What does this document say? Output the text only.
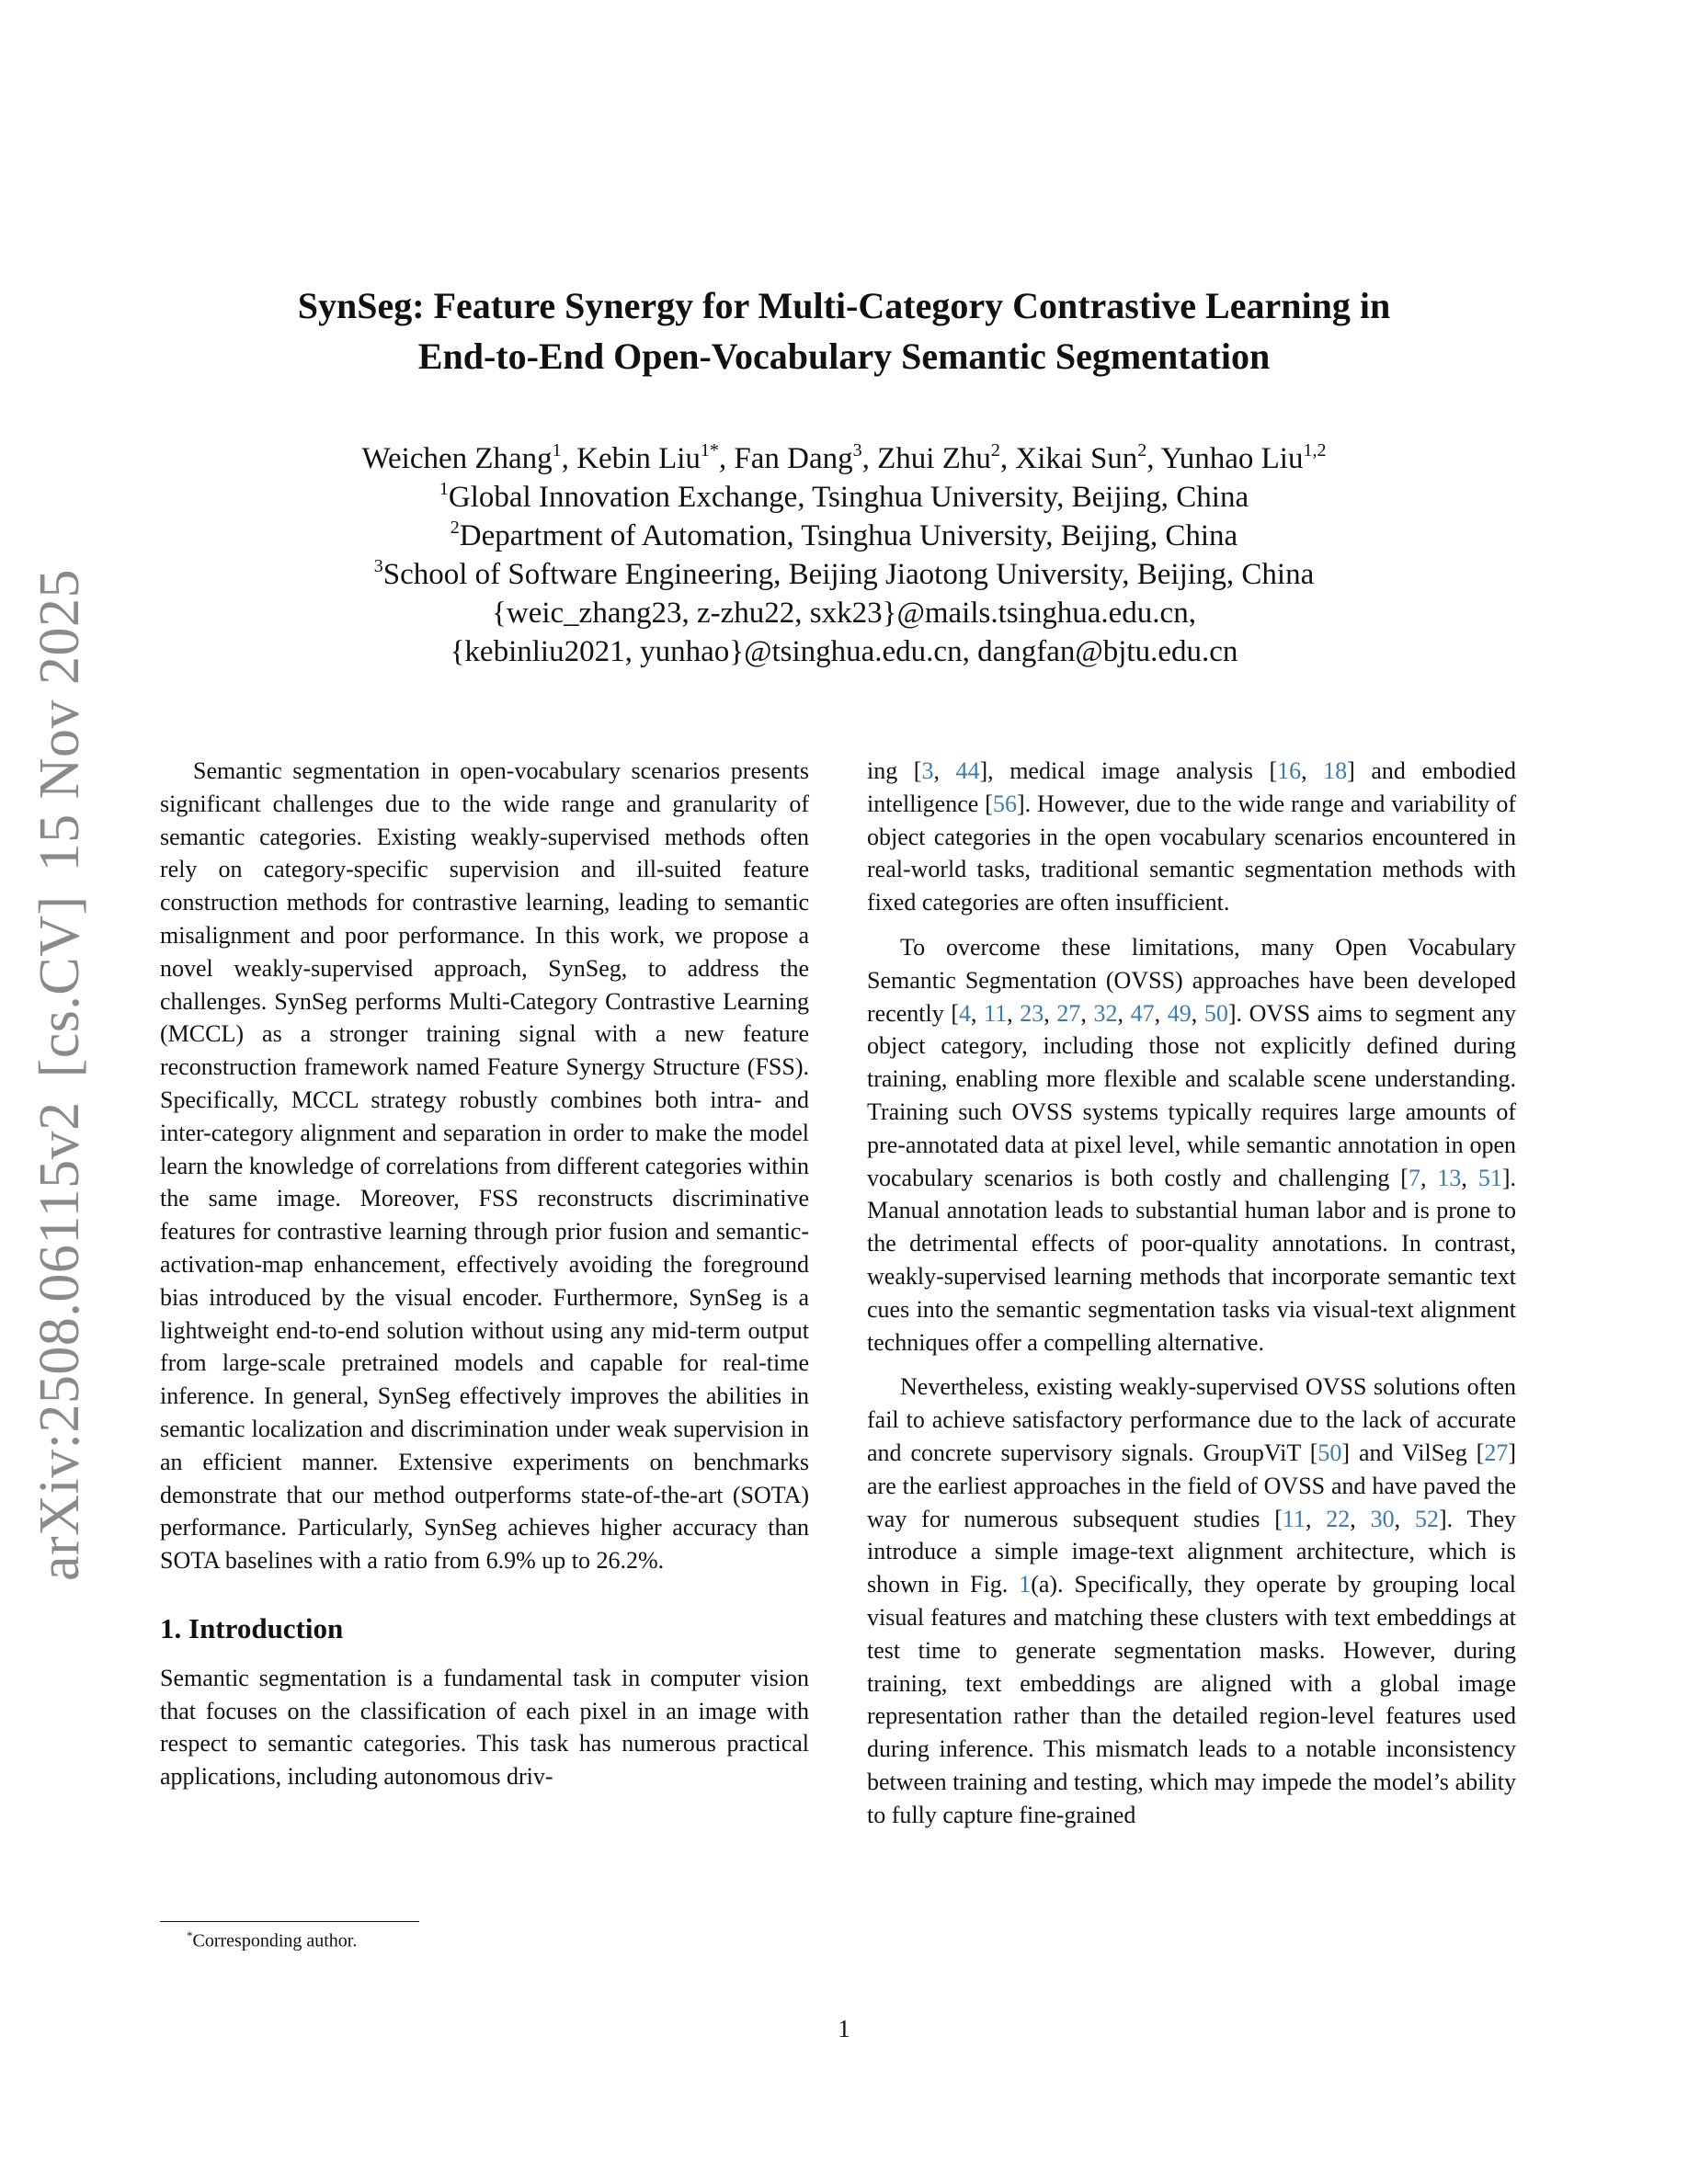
arXiv:2508.06115v2[cs.CV]15 Nov 2025
SynSeg: Feature Synergy for Multi-Category Contrastive Learning in
End-to-End Open-Vocabulary Semantic Segmentation
Weichen Zhang$^1$, Kebin Liu$^{1*}$, Fan Dang$^3$, Zhui Zhu$^2$, Xikai Sun$^2$, Yunhao Liu$^{1,2}$
$^1$Global Innovation Exchange, Tsinghua University, Beijing, China
$^2$Department of Automation, Tsinghua University, Beijing, China
$^3$School of Software Engineering, Beijing Jiaotong University, Beijing, China
{weic_zhang23, z-zhu22, sxk23}@mails.tsinghua.edu.cn,
{kebinliu2021, yunhao}@tsinghua.edu.cn, dangfan@bjtu.edu.cn

Semantic segmentation in open-vocabulary scenarios presents significant challenges due to the wide range and granularity of semantic categories. Existing weakly-supervised methods often rely on category-specific supervision and ill-suited feature construction methods for contrastive learning, leading to semantic misalignment and poor performance. In this work, we propose a novel weakly-supervised approach, SynSeg, to address the challenges. SynSeg performs Multi-Category Contrastive Learning (MCCL) as a stronger training signal with a new feature reconstruction framework named Feature Synergy Structure (FSS). Specifically, MCCL strategy robustly combines both intra- and inter-category alignment and separation in order to make the model learn the knowledge of correlations from different categories within the same image. Moreover, FSS reconstructs discriminative features for contrastive learning through prior fusion and semantic-activation-map enhancement, effectively avoiding the foreground bias introduced by the visual encoder. Furthermore, SynSeg is a lightweight end-to-end solution without using any mid-term output from large-scale pretrained models and capable for real-time inference. In general, SynSeg effectively improves the abilities in semantic localization and discrimination under weak supervision in an efficient manner. Extensive experiments on benchmarks demonstrate that our method outperforms state-of-the-art (SOTA) performance. Particularly, SynSeg achieves higher accuracy than SOTA baselines with a ratio from 6.9% up to 26.2%.

1. Introduction

Semantic segmentation is a fundamental task in computer vision that focuses on the classification of each pixel in an image with respect to semantic categories. This task has numerous practical applications, including autonomous driv-

ing [3, 44], medical image analysis [16, 18] and embodied intelligence [56]. However, due to the wide range and variability of object categories in the open vocabulary scenarios encountered in real-world tasks, traditional semantic segmentation methods with fixed categories are often insufficient.

To overcome these limitations, many Open Vocabulary Semantic Segmentation (OVSS) approaches have been developed recently [4, 11, 23, 27, 32, 47, 49, 50]. OVSS aims to segment any object category, including those not explicitly defined during training, enabling more flexible and scalable scene understanding. Training such OVSS systems typically requires large amounts of pre-annotated data at pixel level, while semantic annotation in open vocabulary scenarios is both costly and challenging [7, 13, 51]. Manual annotation leads to substantial human labor and is prone to the detrimental effects of poor-quality annotations. In contrast, weakly-supervised learning methods that incorporate semantic text cues into the semantic segmentation tasks via visual-text alignment techniques offer a compelling alternative.

Nevertheless, existing weakly-supervised OVSS solutions often fail to achieve satisfactory performance due to the lack of accurate and concrete supervisory signals. GroupViT [50] and VilSeg [27] are the earliest approaches in the field of OVSS and have paved the way for numerous subsequent studies [11, 22, 30, 52]. They introduce a simple image-text alignment architecture, which is shown in Fig. 1(a). Specifically, they operate by grouping local visual features and matching these clusters with text embeddings at test time to generate segmentation masks. However, during training, text embeddings are aligned with a global image representation rather than the detailed region-level features used during inference. This mismatch leads to a notable inconsistency between training and testing, which may impede the model’s ability to fully capture fine-grained

*Corresponding author.
1
